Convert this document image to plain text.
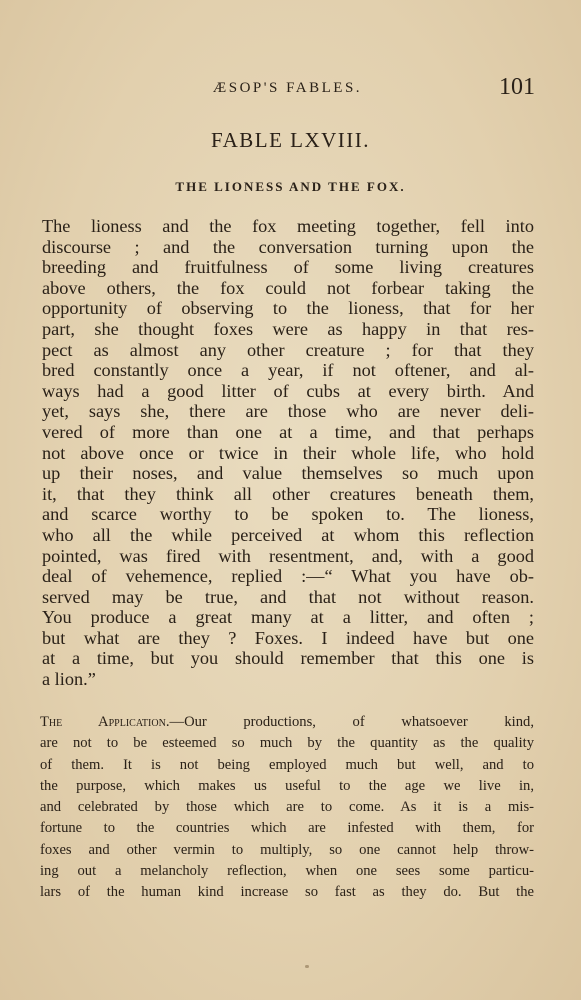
ÆSOP'S FABLES.	101
FABLE LXVIII.
THE LIONESS AND THE FOX.
The lioness and the fox meeting together, fell into
discourse ; and the conversation turning upon the
breeding and fruitfulness of some living creatures
above others, the fox could not forbear taking the
opportunity of observing to the lioness, that for her
part, she thought foxes were as happy in that res-
pect as almost any other creature ; for that they
bred constantly once a year, if not oftener, and al-
ways had a good litter of cubs at every birth. And
yet, says she, there are those who are never deli-
vered of more than one at a time, and that perhaps
not above once or twice in their whole life, who hold
up their noses, and value themselves so much upon
it, that they think all other creatures beneath them,
and scarce worthy to be spoken to. The lioness,
who all the while perceived at whom this reflection
pointed, was fired with resentment, and, with a good
deal of vehemence, replied :—“ What you have ob-
served may be true, and that not without reason.
You produce a great many at a litter, and often ;
but what are they ? Foxes. I indeed have but one
at a time, but you should remember that this one is
a lion.”
The Application.—Our productions, of whatsoever kind,
are not to be esteemed so much by the quantity as the quality
of them. It is not being employed much but well, and to
the purpose, which makes us useful to the age we live in,
and celebrated by those which are to come. As it is a mis-
fortune to the countries which are infested with them, for
foxes and other vermin to multiply, so one cannot help throw-
ing out a melancholy reflection, when one sees some particu-
lars of the human kind increase so fast as they do. But the
